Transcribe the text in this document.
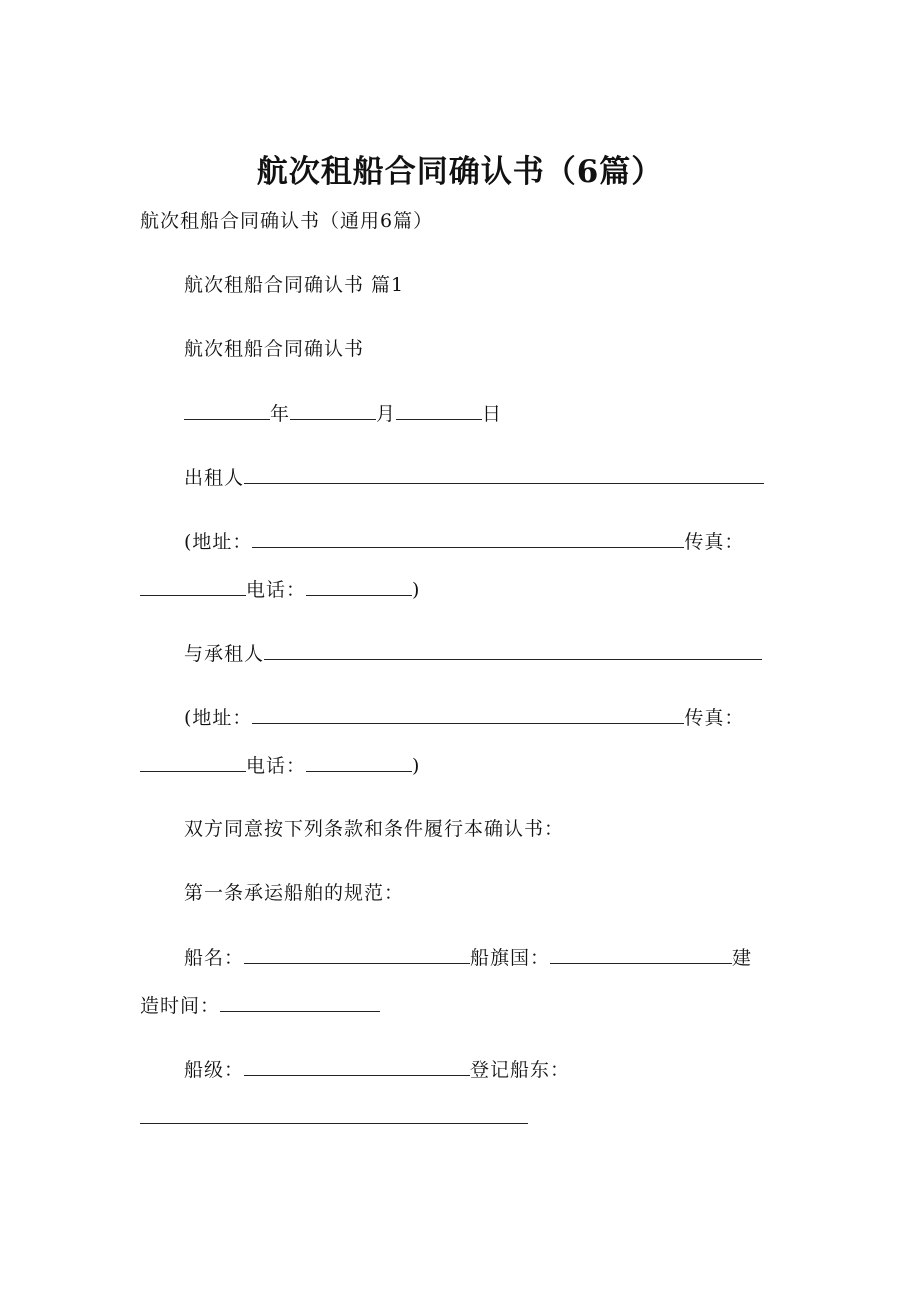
航次租船合同确认书（6篇）
航次租船合同确认书（通用6篇）
航次租船合同确认书 篇1
航次租船合同确认书
年	月	日
出租人
(地址：	传真：
电话：	)
与承租人
(地址：	传真：
电话：	)
双方同意按下列条款和条件履行本确认书：
第一条承运船舶的规范：
船名：	船旗国：	建
造时间：
船级：	登记船东：
